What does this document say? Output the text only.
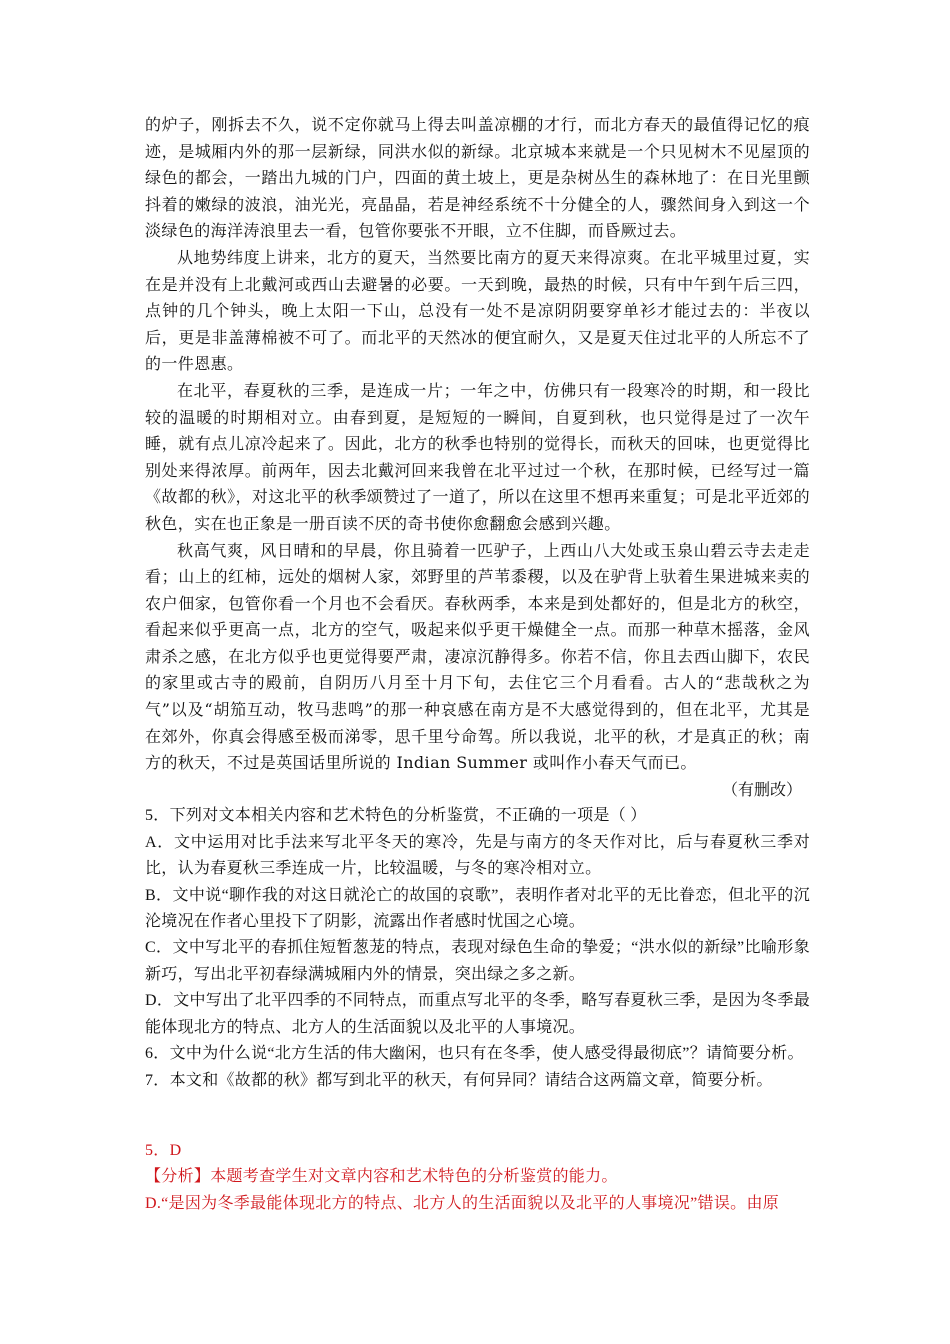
的炉子，刚拆去不久，说不定你就马上得去叫盖凉棚的才行，而北方春天的最值得记忆的痕迹，是城厢内外的那一层新绿，同洪水似的新绿。北京城本来就是一个只见树木不见屋顶的绿色的都会，一踏出九城的门户，四面的黄土坡上，更是杂树丛生的森林地了：在日光里颤抖着的嫩绿的波浪，油光光，亮晶晶，若是神经系统不十分健全的人，骤然间身入到这一个淡绿色的海洋涛浪里去一看，包管你要张不开眼，立不住脚，而昏厥过去。

从地势纬度上讲来，北方的夏天，当然要比南方的夏天来得凉爽。在北平城里过夏，实在是并没有上北戴河或西山去避暑的必要。一天到晚，最热的时候，只有中午到午后三四，点钟的几个钟头，晚上太阳一下山，总没有一处不是凉阴阴要穿单衫才能过去的：半夜以后，更是非盖薄棉被不可了。而北平的天然冰的便宜耐久，又是夏天住过北平的人所忘不了的一件恩惠。

在北平，春夏秋的三季，是连成一片；一年之中，仿佛只有一段寒冷的时期，和一段比较的温暖的时期相对立。由春到夏，是短短的一瞬间，自夏到秋，也只觉得是过了一次午睡，就有点儿凉冷起来了。因此，北方的秋季也特别的觉得长，而秋天的回味，也更觉得比别处来得浓厚。前两年，因去北戴河回来我曾在北平过过一个秋，在那时候，已经写过一篇《故都的秋》，对这北平的秋季颂赞过了一道了，所以在这里不想再来重复；可是北平近郊的秋色，实在也正象是一册百读不厌的奇书使你愈翻愈会感到兴趣。

秋高气爽，风日晴和的早晨，你且骑着一匹驴子，上西山八大处或玉泉山碧云寺去走走看；山上的红柿，远处的烟树人家，郊野里的芦苇黍稷，以及在驴背上驮着生果进城来卖的农户佃家，包管你看一个月也不会看厌。春秋两季，本来是到处都好的，但是北方的秋空，看起来似乎更高一点，北方的空气，吸起来似乎更干燥健全一点。而那一种草木摇落，金风肃杀之感，在北方似乎也更觉得要严肃，凄凉沉静得多。你若不信，你且去西山脚下，农民的家里或古寺的殿前，自阴历八月至十月下旬，去住它三个月看看。古人的“悲哉秋之为气”以及“胡笳互动，牧马悲鸣”的那一种哀感在南方是不大感觉得到的，但在北平，尤其是在郊外，你真会得感至极而涕零，思千里兮命驾。所以我说，北平的秋，才是真正的秋；南方的秋天，不过是英国话里所说的 Indian Summer 或叫作小春天气而已。

（有删改）

5．下列对文本相关内容和艺术特色的分析鉴赏，不正确的一项是（ ）

A．文中运用对比手法来写北平冬天的寒冷，先是与南方的冬天作对比，后与春夏秋三季对比，认为春夏秋三季连成一片，比较温暖，与冬的寒冷相对立。

B．文中说“聊作我的对这日就沦亡的故国的哀歌”，表明作者对北平的无比眷恋，但北平的沉沦境况在作者心里投下了阴影，流露出作者感时忧国之心境。

C．文中写北平的春抓住短暂葱茏的特点，表现对绿色生命的挚爱；“洪水似的新绿”比喻形象新巧，写出北平初春绿满城厢内外的情景，突出绿之多之新。

D．文中写出了北平四季的不同特点，而重点写北平的冬季，略写春夏秋三季，是因为冬季最能体现北方的特点、北方人的生活面貌以及北平的人事境况。

6．文中为什么说“北方生活的伟大幽闲，也只有在冬季，使人感受得最彻底”？请简要分析。

7．本文和《故都的秋》都写到北平的秋天，有何异同？请结合这两篇文章，简要分析。

5．D

【分析】本题考查学生对文章内容和艺术特色的分析鉴赏的能力。

D.“是因为冬季最能体现北方的特点、北方人的生活面貌以及北平的人事境况”错误。由原
